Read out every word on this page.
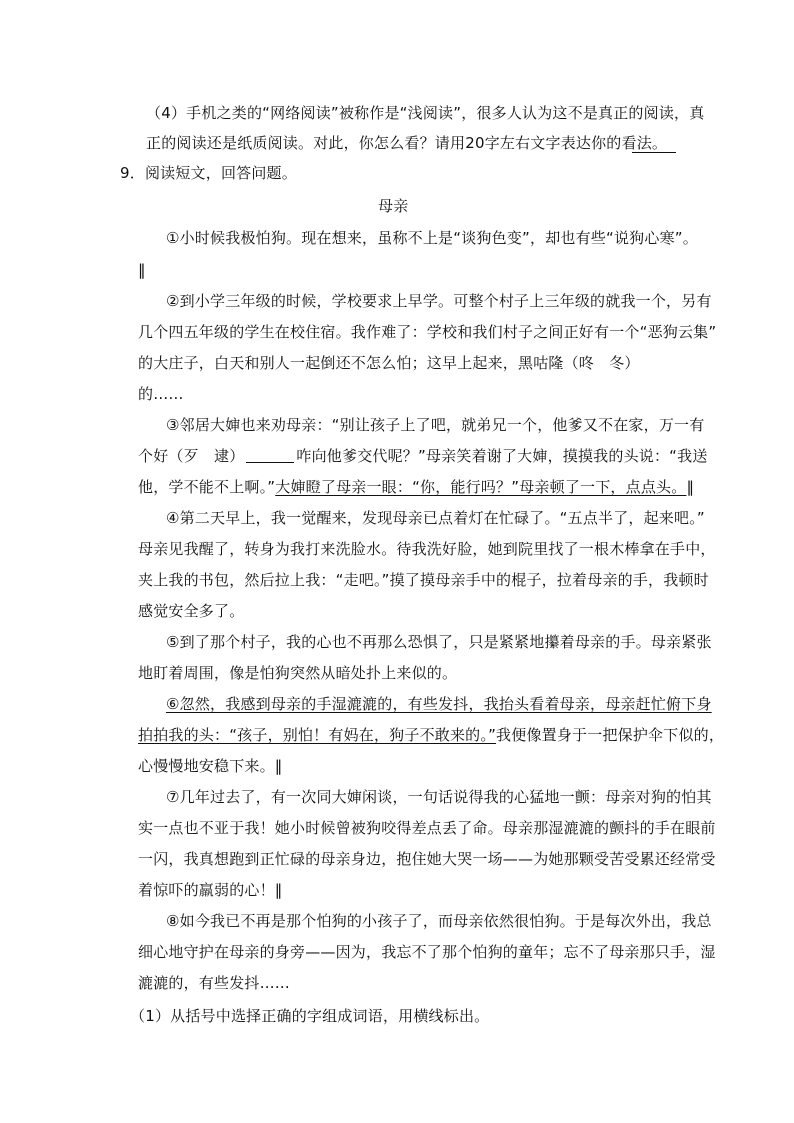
（4）手机之类的“网络阅读”被称作是“浅阅读”，很多人认为这不是真正的阅读，真
正的阅读还是纸质阅读。对此，你怎么看？请用20字左右文字表达你的看法。
9．阅读短文，回答问题。
母亲
①小时候我极怕狗。现在想来，虽称不上是“谈狗色变”，却也有些“说狗心寒”。
‖
②到小学三年级的时候，学校要求上早学。可整个村子上三年级的就我一个，另有
几个四五年级的学生在校住宿。我作难了：学校和我们村子之间正好有一个“恶狗云集”
的大庄子，白天和别人一起倒还不怎么怕；这早上起来，黑咕隆（咚　冬）
的……
③邻居大婶也来劝母亲：“别让孩子上了吧，就弟兄一个，他爹又不在家，万一有
个好（歹　逮）	咋向他爹交代呢？”母亲笑着谢了大婶，摸摸我的头说：“我送
他，学不能不上啊。”大婶瞪了母亲一眼：“你，能行吗？”母亲顿了一下，点点头。‖
④第二天早上，我一觉醒来，发现母亲已点着灯在忙碌了。“五点半了，起来吧。”
母亲见我醒了，转身为我打来洗脸水。待我洗好脸，她到院里找了一根木棒拿在手中，
夹上我的书包，然后拉上我：“走吧。”摸了摸母亲手中的棍子，拉着母亲的手，我顿时
感觉安全多了。
⑤到了那个村子，我的心也不再那么恐惧了，只是紧紧地攥着母亲的手。母亲紧张
地盯着周围，像是怕狗突然从暗处扑上来似的。
⑥忽然，我感到母亲的手湿漉漉的，有些发抖，我抬头看着母亲，母亲赶忙俯下身
拍拍我的头：“孩子，别怕！有妈在，狗子不敢来的。”我便像置身于一把保护伞下似的，
心慢慢地安稳下来。‖
⑦几年过去了，有一次同大婶闲谈，一句话说得我的心猛地一颤：母亲对狗的怕其
实一点也不亚于我！她小时候曾被狗咬得差点丢了命。母亲那湿漉漉的颤抖的手在眼前
一闪，我真想跑到正忙碌的母亲身边，抱住她大哭一场——为她那颗受苦受累还经常受
着惊吓的羸弱的心！‖
⑧如今我已不再是那个怕狗的小孩子了，而母亲依然很怕狗。于是每次外出，我总
细心地守护在母亲的身旁——因为，我忘不了那个怕狗的童年；忘不了母亲那只手，湿
漉漉的，有些发抖……
（1）从括号中选择正确的字组成词语，用横线标出。
